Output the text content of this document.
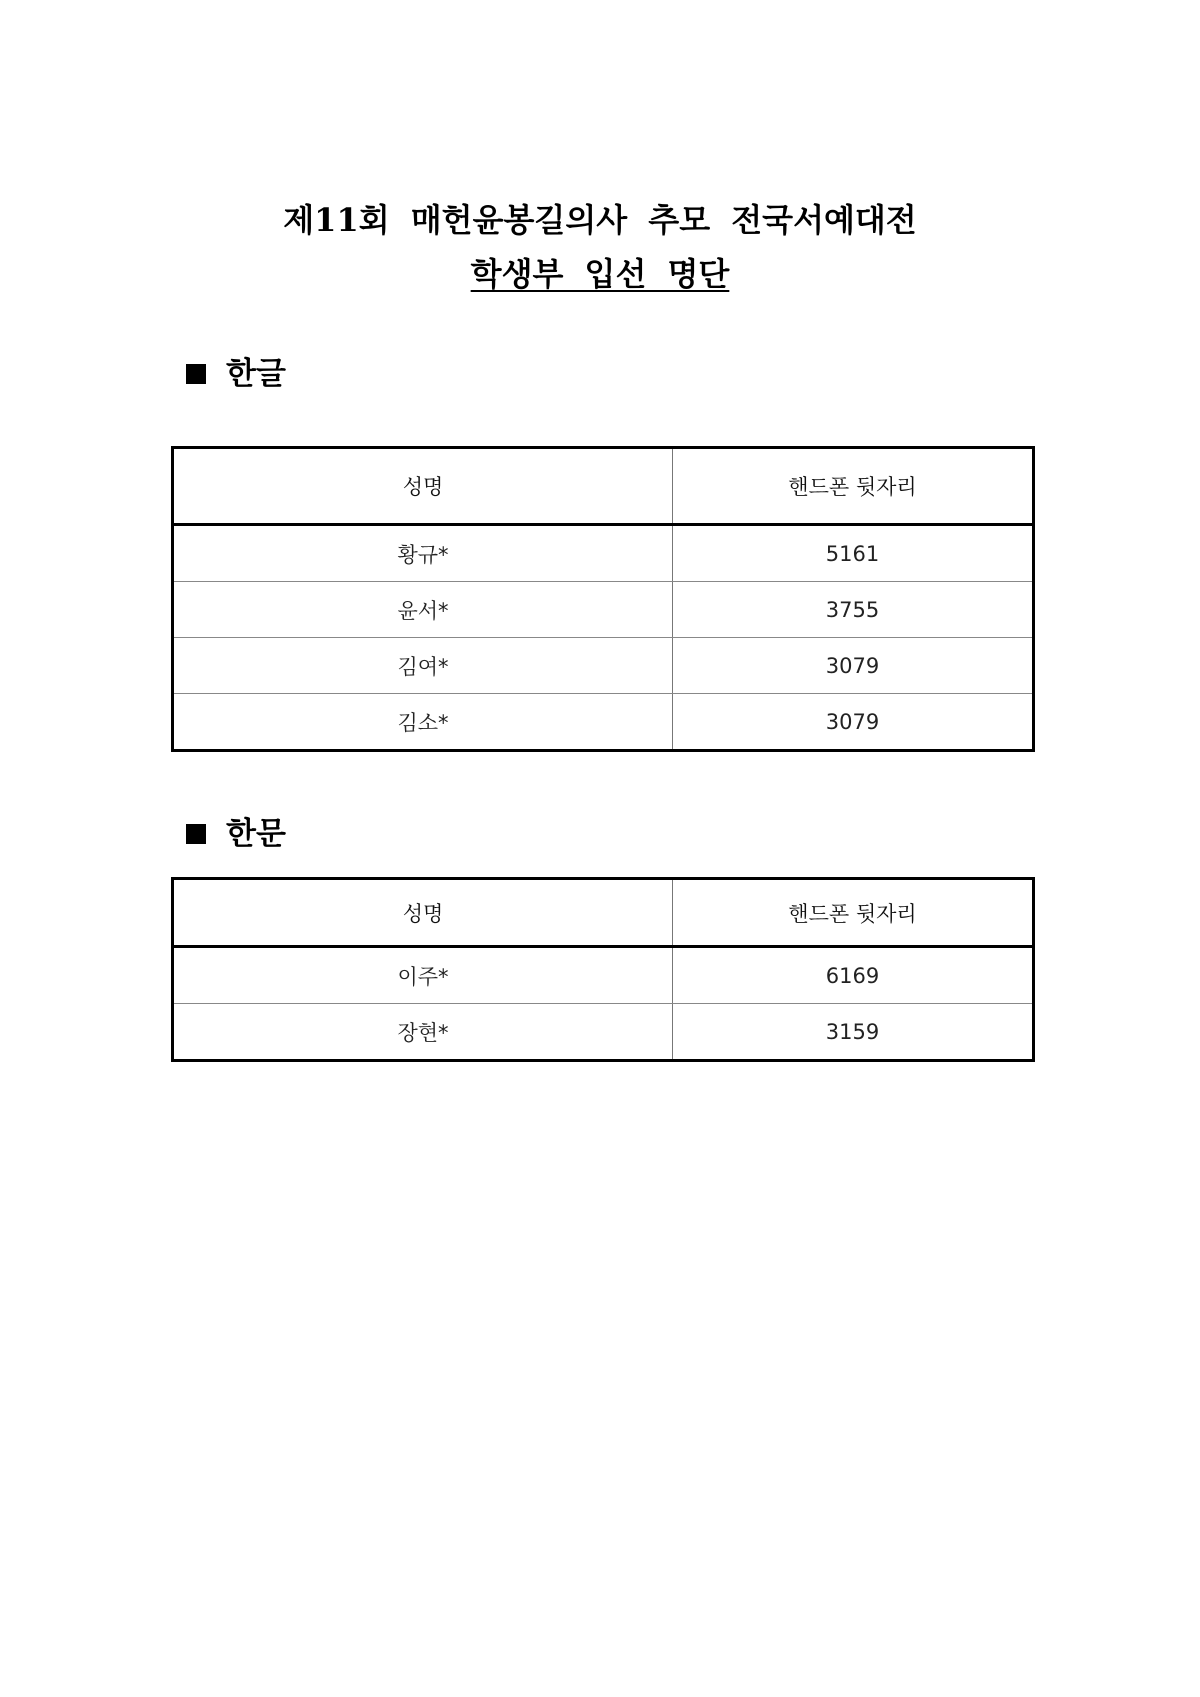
제11회 매헌윤봉길의사 추모 전국서예대전
학생부 입선 명단
한글
성명	핸드폰 뒷자리
황규*	5161
윤서*	3755
김여*	3079
김소*	3079
한문
성명	핸드폰 뒷자리
이주*	6169
장현*	3159
